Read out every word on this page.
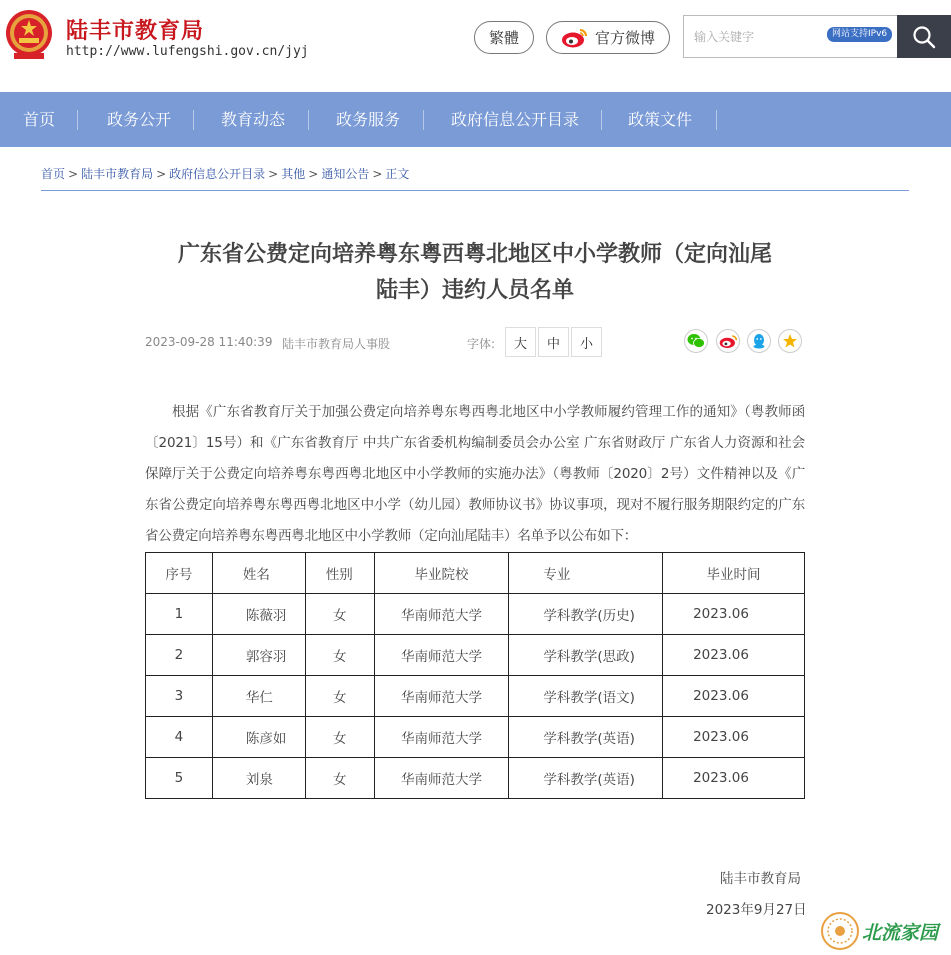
陆丰市教育局
http://www.lufengshi.gov.cn/jyj
繁體	官方微博
输入关键字	网站支持IPv6
首页	政务公开	教育动态	政务服务	政府信息公开目录	政策文件
首页 > 陆丰市教育局 > 政府信息公开目录 > 其他 > 通知公告 > 正文
广东省公费定向培养粤东粤西粤北地区中小学教师（定向汕尾
陆丰）违约人员名单
2023-09-28 11:40:39 陆丰市教育局人事股	字体:	大	中	小
根据《广东省教育厅关于加强公费定向培养粤东粤西粤北地区中小学教师履约管理工作的通知》（粤教师函〔2021〕15号）和《广东省教育厅 中共广东省委机构编制委员会办公室 广东省财政厅 广东省人力资源和社会保障厅关于公费定向培养粤东粤西粤北地区中小学教师的实施办法》（粤教师〔2020〕2号）文件精神以及《广东省公费定向培养粤东粤西粤北地区中小学（幼儿园）教师协议书》协议事项，现对不履行服务期限约定的广东省公费定向培养粤东粤西粤北地区中小学教师（定向汕尾陆丰）名单予以公布如下：
序号	姓名	性别	毕业院校	专业	毕业时间
1	陈薇羽	女	华南师范大学	学科教学(历史)	2023.06
2	郭容羽	女	华南师范大学	学科教学(思政)	2023.06
3	华仁	女	华南师范大学	学科教学(语文)	2023.06
4	陈彦如	女	华南师范大学	学科教学(英语)	2023.06
5	刘泉	女	华南师范大学	学科教学(英语)	2023.06
陆丰市教育局
2023年9月27日
北流家园
